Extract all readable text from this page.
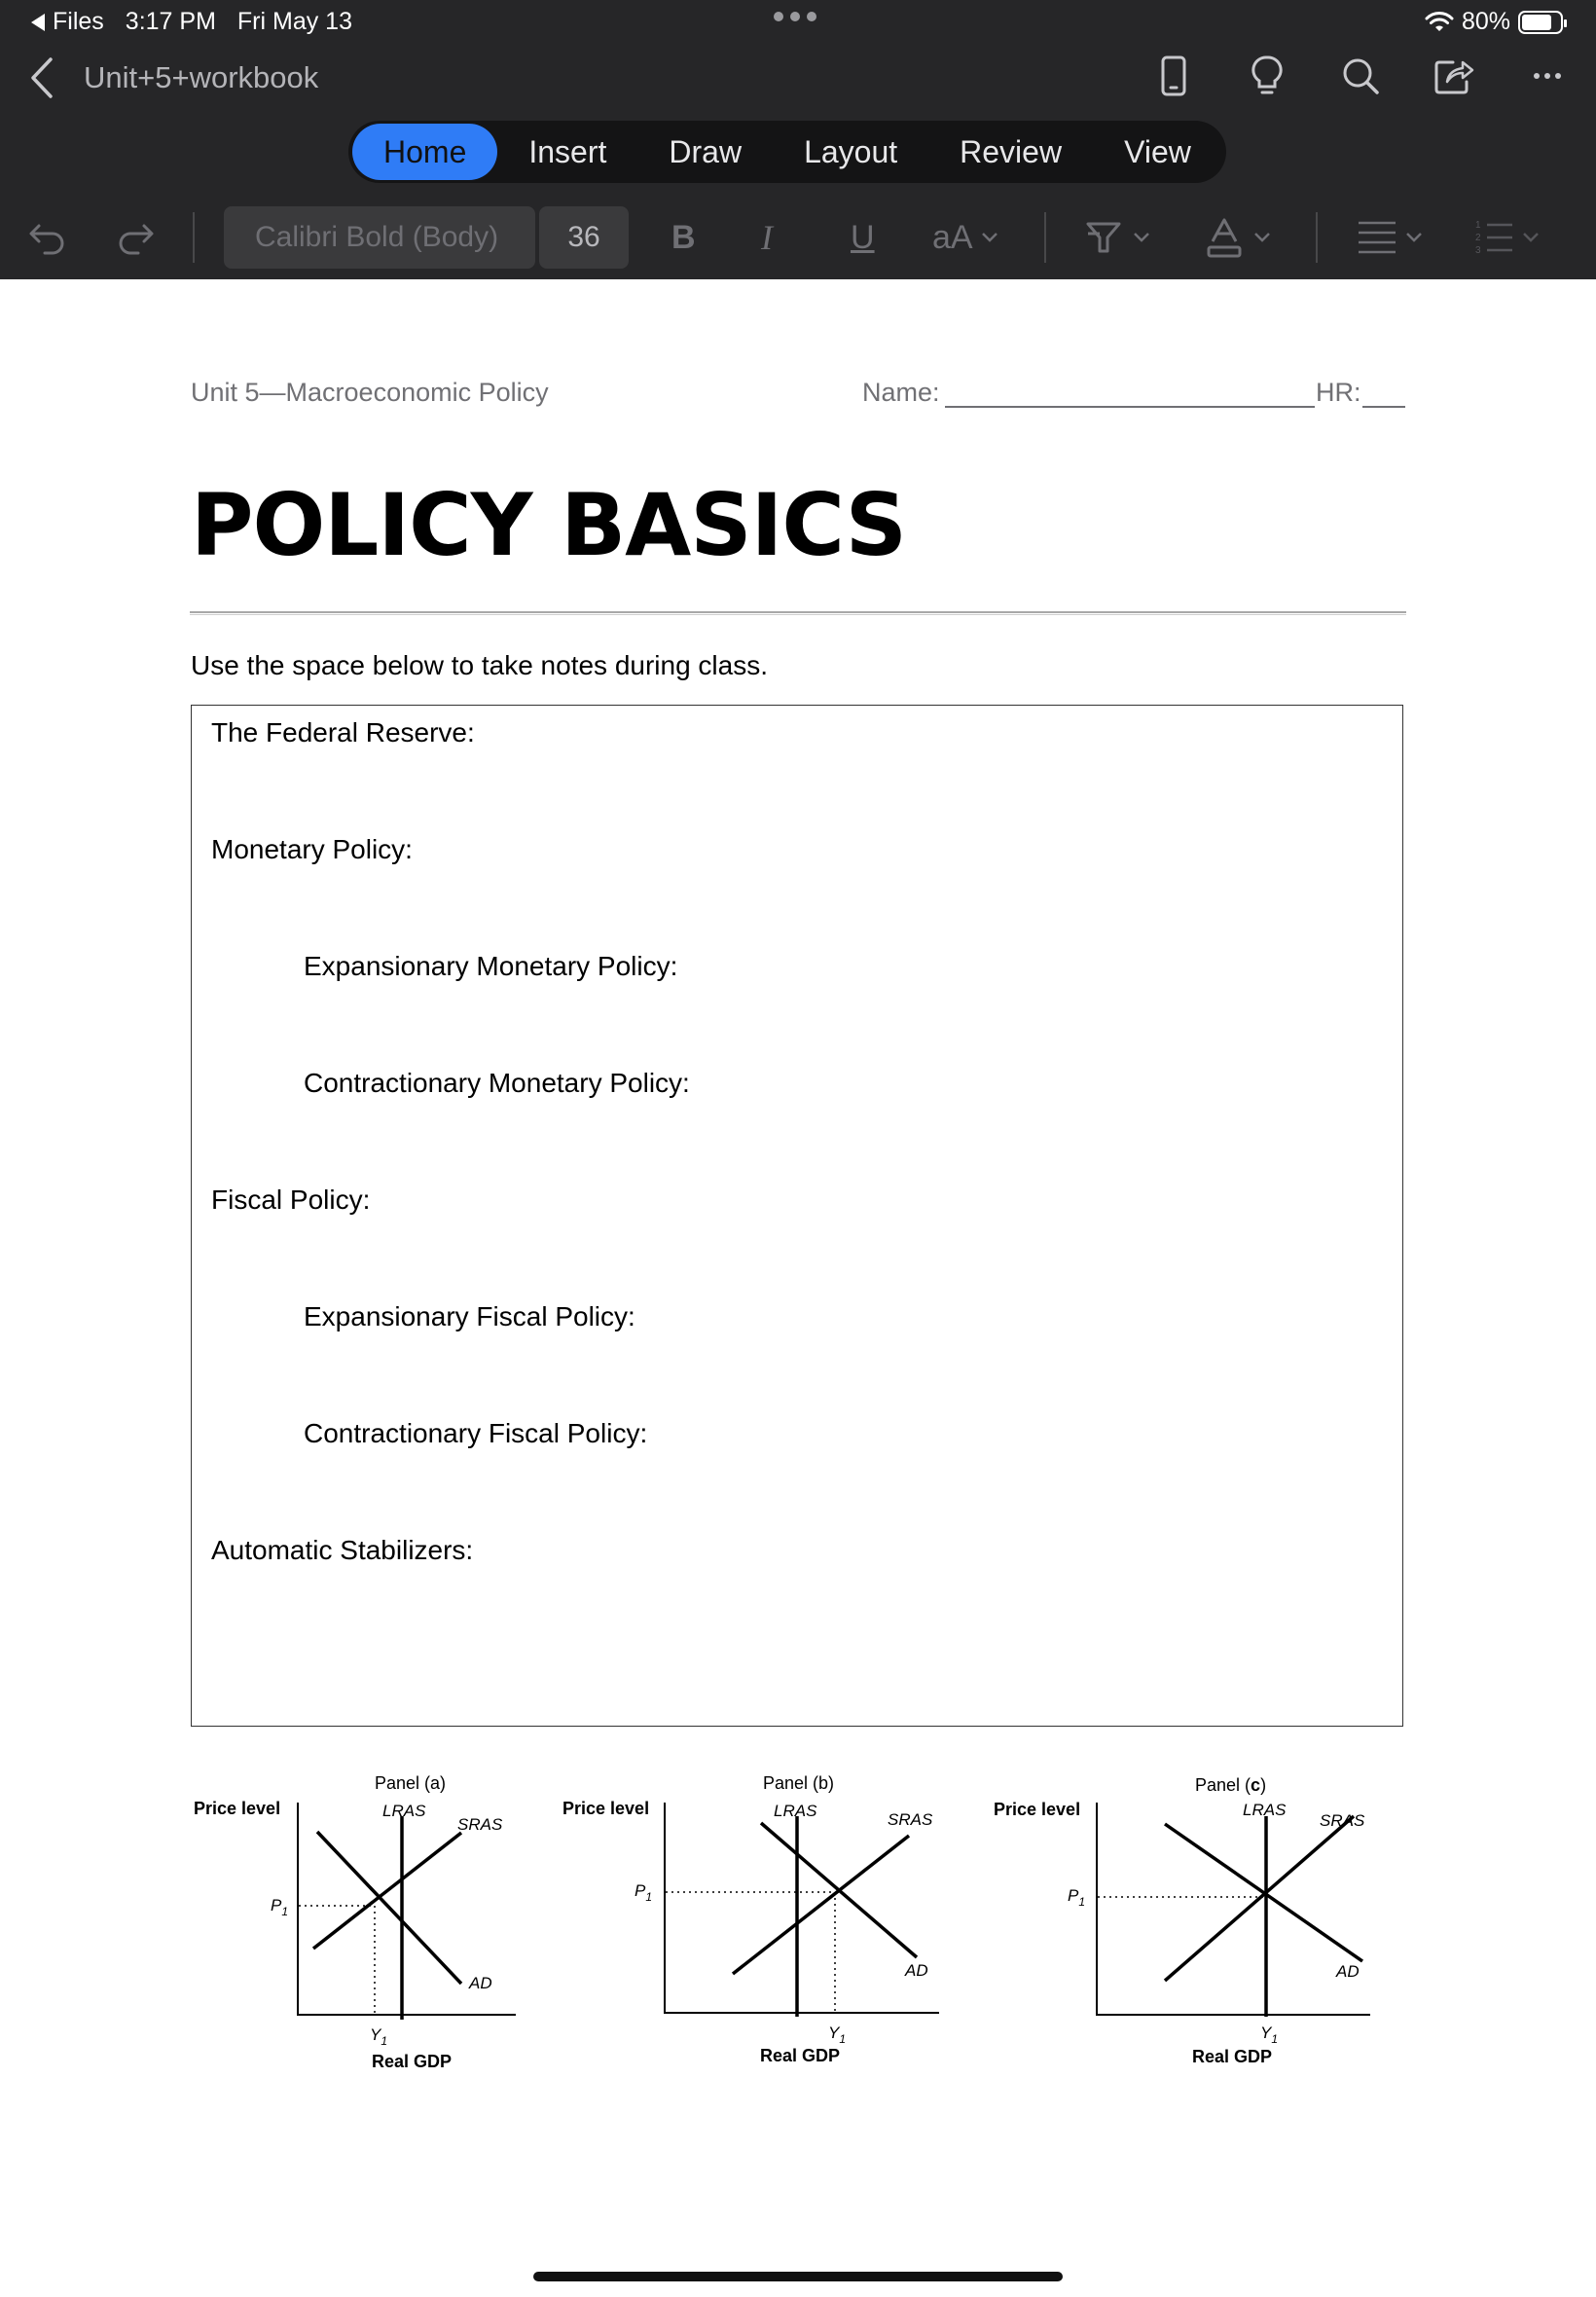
Files 3:17 PM Fri May 13	80%
Unit+5+workbook
Home	Insert	Draw	Layout	Review	View
Calibri Bold (Body)	36	B I U aA	1
2
3
Unit 5—Macroeconomic Policy	Name:	HR:
POLICY BASICS
Use the space below to take notes during class.
The Federal Reserve:
Monetary Policy:
Expansionary Monetary Policy:
Contractionary Monetary Policy:
Fiscal Policy:
Expansionary Fiscal Policy:
Contractionary Fiscal Policy:
Automatic Stabilizers:
Panel (a)
Price level	LRAS
SRAS
AD
$P_1$
$Y_1$
Real GDP
Panel (b)
Price level	LRAS	SRAS
AD
$P_1$
$Y_1$
Real GDP
Panel (c)
Price level	LRAS
SRAS
AD
$P_1$
$Y_1$
Real GDP
